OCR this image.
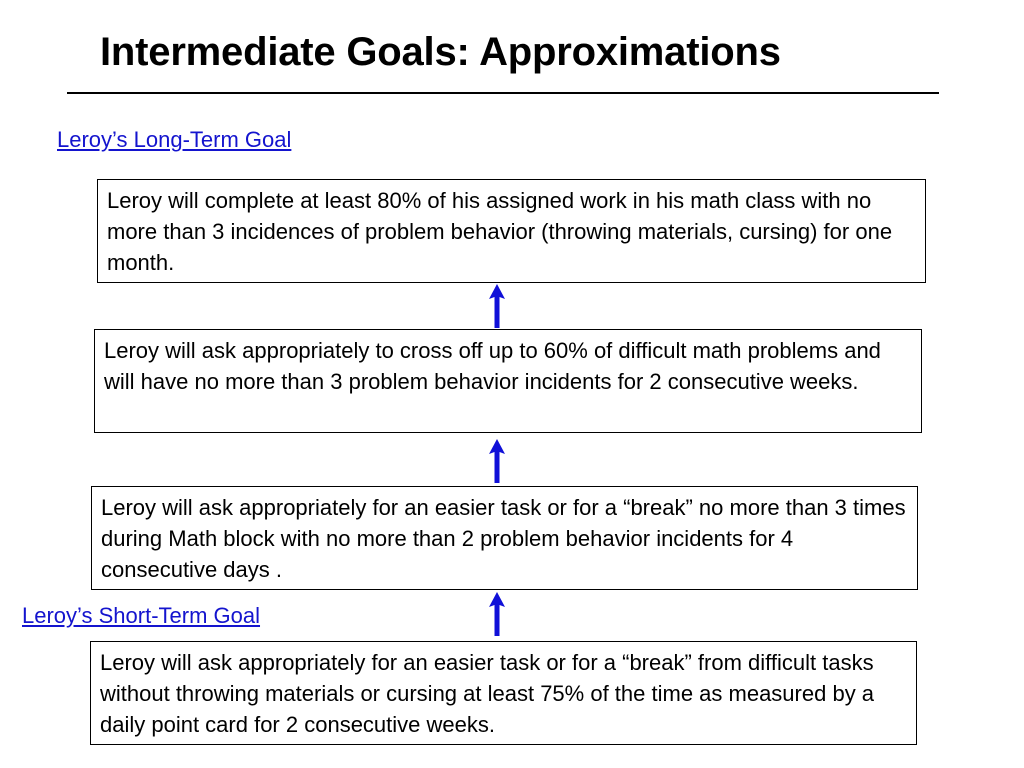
Intermediate Goals: Approximations
Leroy’s Long-Term Goal
Leroy will complete at least 80% of his assigned work in his math class with no more than 3 incidences of problem behavior (throwing materials, cursing) for one month.
Leroy will ask appropriately to cross off up to 60% of difficult math problems and will have no more than 3 problem behavior incidents for 2 consecutive weeks.
Leroy will ask appropriately for an easier task or for a “break” no more than 3 times during Math block with no more than 2 problem behavior incidents for 4 consecutive days .
Leroy’s Short-Term Goal
Leroy will ask appropriately for an easier task or for a “break” from difficult tasks without throwing materials or cursing at least 75% of the time as measured by a daily point card for 2 consecutive weeks.
